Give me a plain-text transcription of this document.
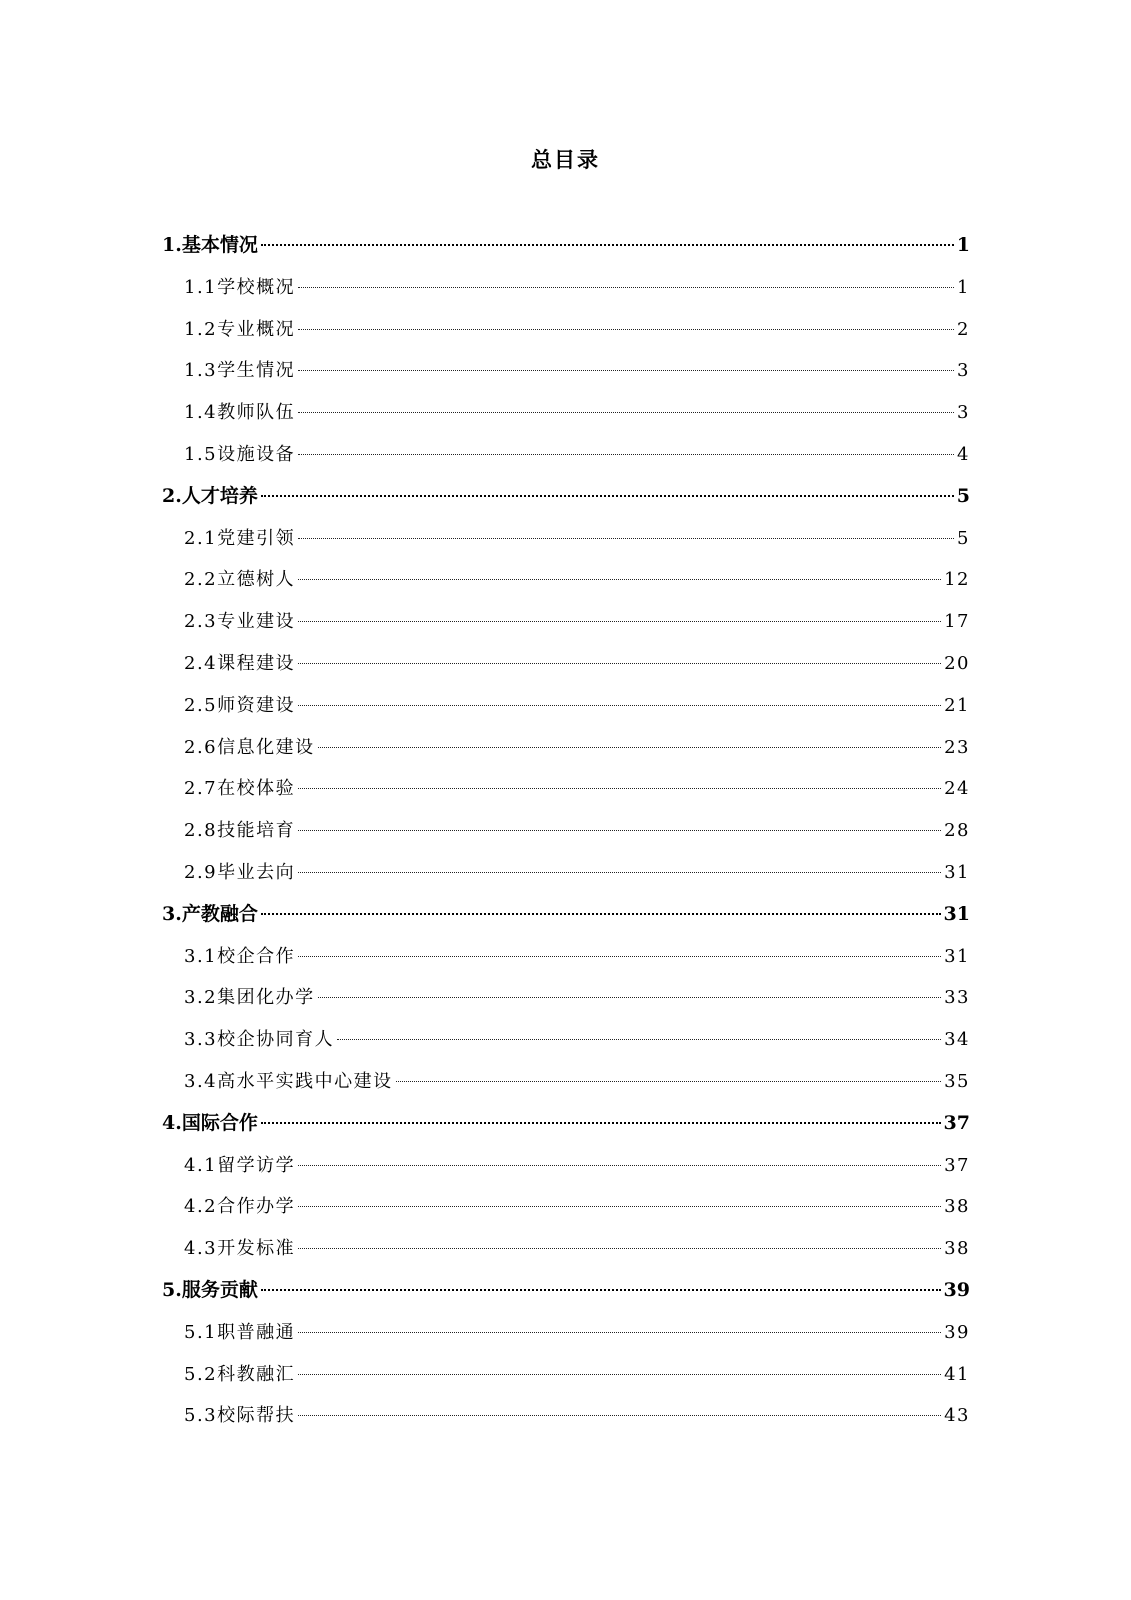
总目录
1.基本情况	1
1.1学校概况	1
1.2专业概况	2
1.3学生情况	3
1.4教师队伍	3
1.5设施设备	4
2.人才培养	5
2.1党建引领	5
2.2立德树人	12
2.3专业建设	17
2.4课程建设	20
2.5师资建设	21
2.6信息化建设	23
2.7在校体验	24
2.8技能培育	28
2.9毕业去向	31
3.产教融合	31
3.1校企合作	31
3.2集团化办学	33
3.3校企协同育人	34
3.4高水平实践中心建设	35
4.国际合作	37
4.1留学访学	37
4.2合作办学	38
4.3开发标准	38
5.服务贡献	39
5.1职普融通	39
5.2科教融汇	41
5.3校际帮扶	43
